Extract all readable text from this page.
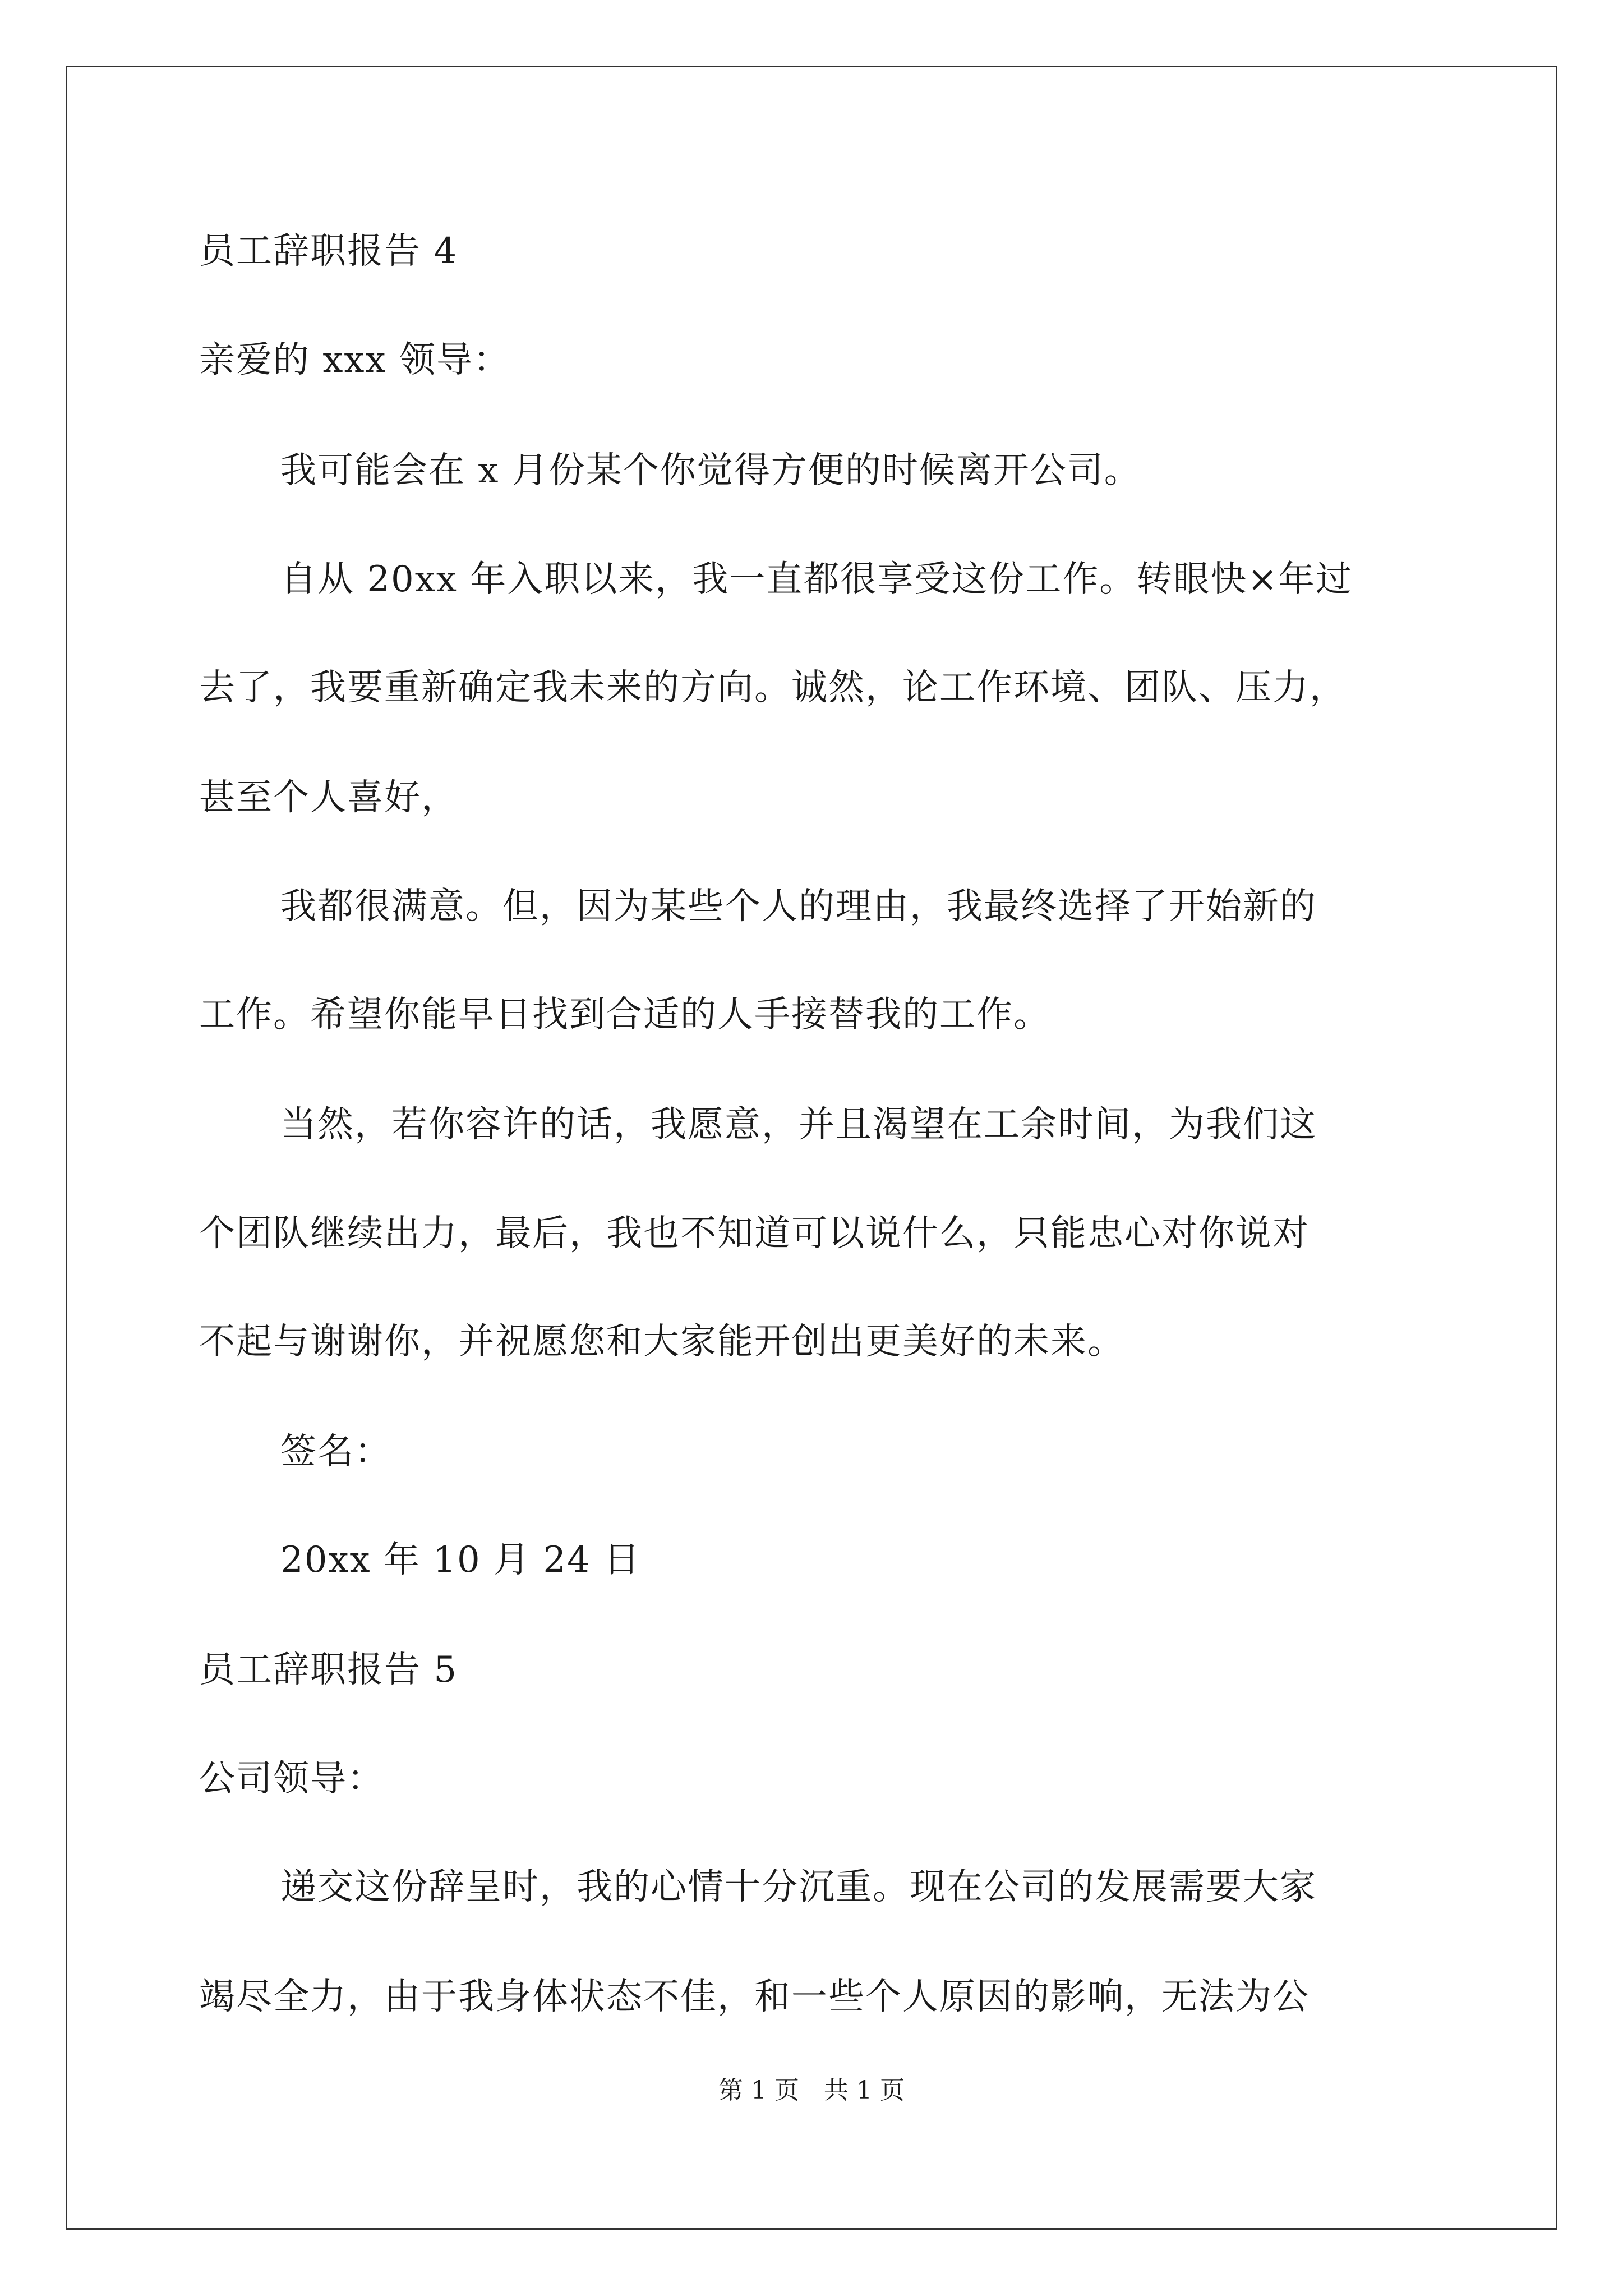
员工辞职报告 4
亲爱的 xxx 领导：
我可能会在 x 月份某个你觉得方便的时候离开公司。
自从 20xx 年入职以来，我一直都很享受这份工作。转眼快×年过
去了，我要重新确定我未来的方向。诚然，论工作环境、团队、压力，
甚至个人喜好，
我都很满意。但，因为某些个人的理由，我最终选择了开始新的
工作。希望你能早日找到合适的人手接替我的工作。
当然，若你容许的话，我愿意，并且渴望在工余时间，为我们这
个团队继续出力，最后，我也不知道可以说什么，只能忠心对你说对
不起与谢谢你，并祝愿您和大家能开创出更美好的未来。
签名：
20xx 年 10 月 24 日
员工辞职报告 5
公司领导：
递交这份辞呈时，我的心情十分沉重。现在公司的发展需要大家
竭尽全力，由于我身体状态不佳，和一些个人原因的影响，无法为公
第 1 页　共 1 页
